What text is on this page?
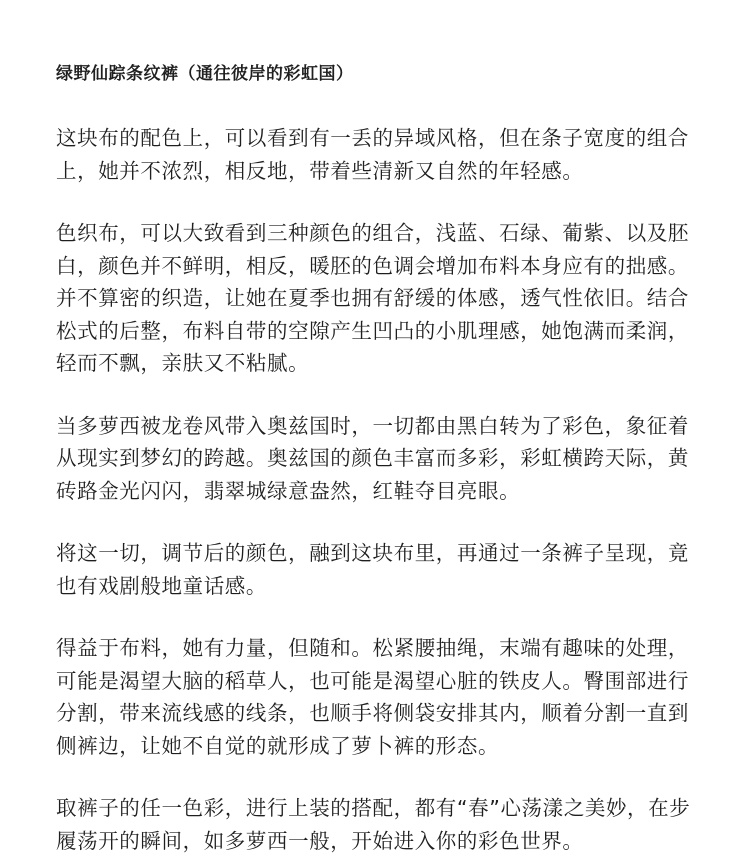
绿野仙踪条纹裤（通往彼岸的彩虹国）

这块布的配色上，可以看到有一丢的异域风格，但在条子宽度的组合上，她并不浓烈，相反地，带着些清新又自然的年轻感。

色织布，可以大致看到三种颜色的组合，浅蓝、石绿、葡紫、以及胚白，颜色并不鲜明，相反，暖胚的色调会增加布料本身应有的拙感。并不算密的织造，让她在夏季也拥有舒缓的体感，透气性依旧。结合松式的后整，布料自带的空隙产生凹凸的小肌理感，她饱满而柔润，轻而不飘，亲肤又不粘腻。

当多萝西被龙卷风带入奥兹国时，一切都由黑白转为了彩色，象征着从现实到梦幻的跨越。奥兹国的颜色丰富而多彩，彩虹横跨天际，黄砖路金光闪闪，翡翠城绿意盎然，红鞋夺目亮眼。

将这一切，调节后的颜色，融到这块布里，再通过一条裤子呈现，竟也有戏剧般地童话感。

得益于布料，她有力量，但随和。松紧腰抽绳，末端有趣味的处理，可能是渴望大脑的稻草人，也可能是渴望心脏的铁皮人。臀围部进行分割，带来流线感的线条，也顺手将侧袋安排其内，顺着分割一直到侧裤边，让她不自觉的就形成了萝卜裤的形态。

取裤子的任一色彩，进行上装的搭配，都有“春”心荡漾之美妙，在步履荡开的瞬间，如多萝西一般，开始进入你的彩色世界。
